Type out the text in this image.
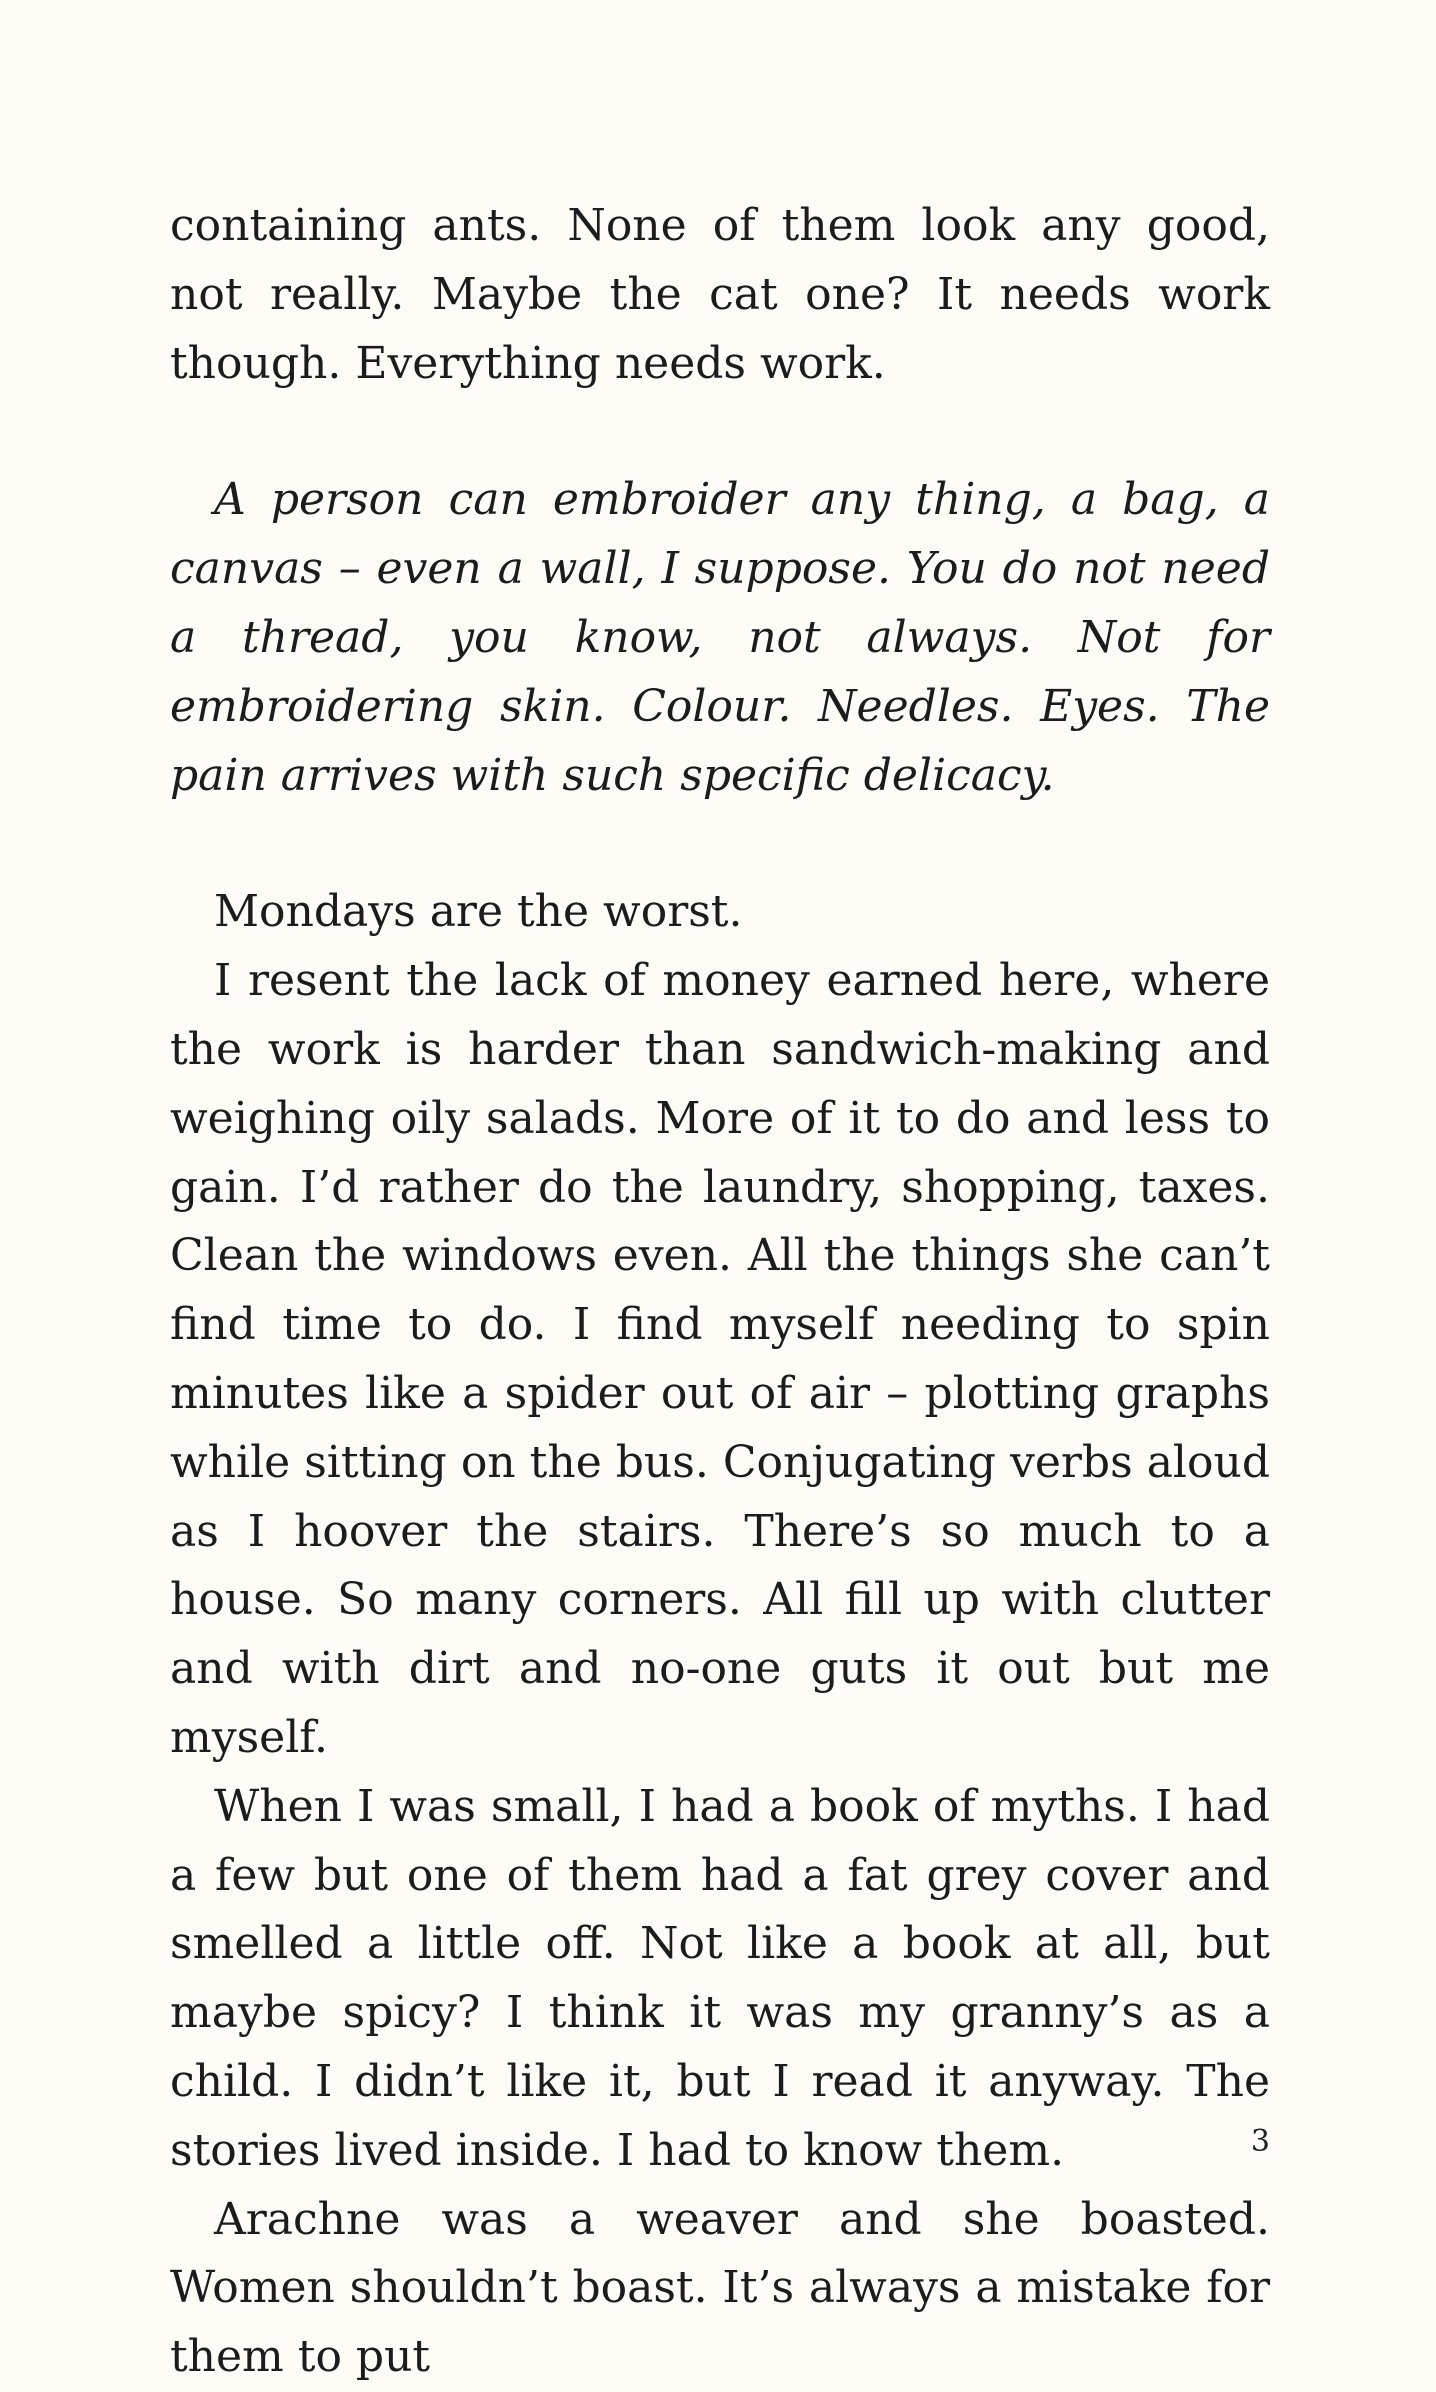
containing ants. None of them look any good, not really. Maybe the cat one? It needs work though. Everything needs work.

A person can embroider any thing, a bag, a canvas – even a wall, I suppose. You do not need a thread, you know, not always. Not for embroidering skin. Colour. Needles. Eyes. The pain arrives with such specific delicacy.

Mondays are the worst.

I resent the lack of money earned here, where the work is harder than sandwich-making and weighing oily salads. More of it to do and less to gain. I’d rather do the laundry, shopping, taxes. Clean the windows even. All the things she can’t find time to do. I find myself needing to spin minutes like a spider out of air – plotting graphs while sitting on the bus. Conjugating verbs aloud as I hoover the stairs. There’s so much to a house. So many corners. All fill up with clutter and with dirt and no-one guts it out but me myself.

When I was small, I had a book of myths. I had a few but one of them had a fat grey cover and smelled a little off. Not like a book at all, but maybe spicy? I think it was my granny’s as a child. I didn’t like it, but I read it anyway. The stories lived inside. I had to know them.

Arachne was a weaver and she boasted. Women shouldn’t boast. It’s always a mistake for them to put

3
